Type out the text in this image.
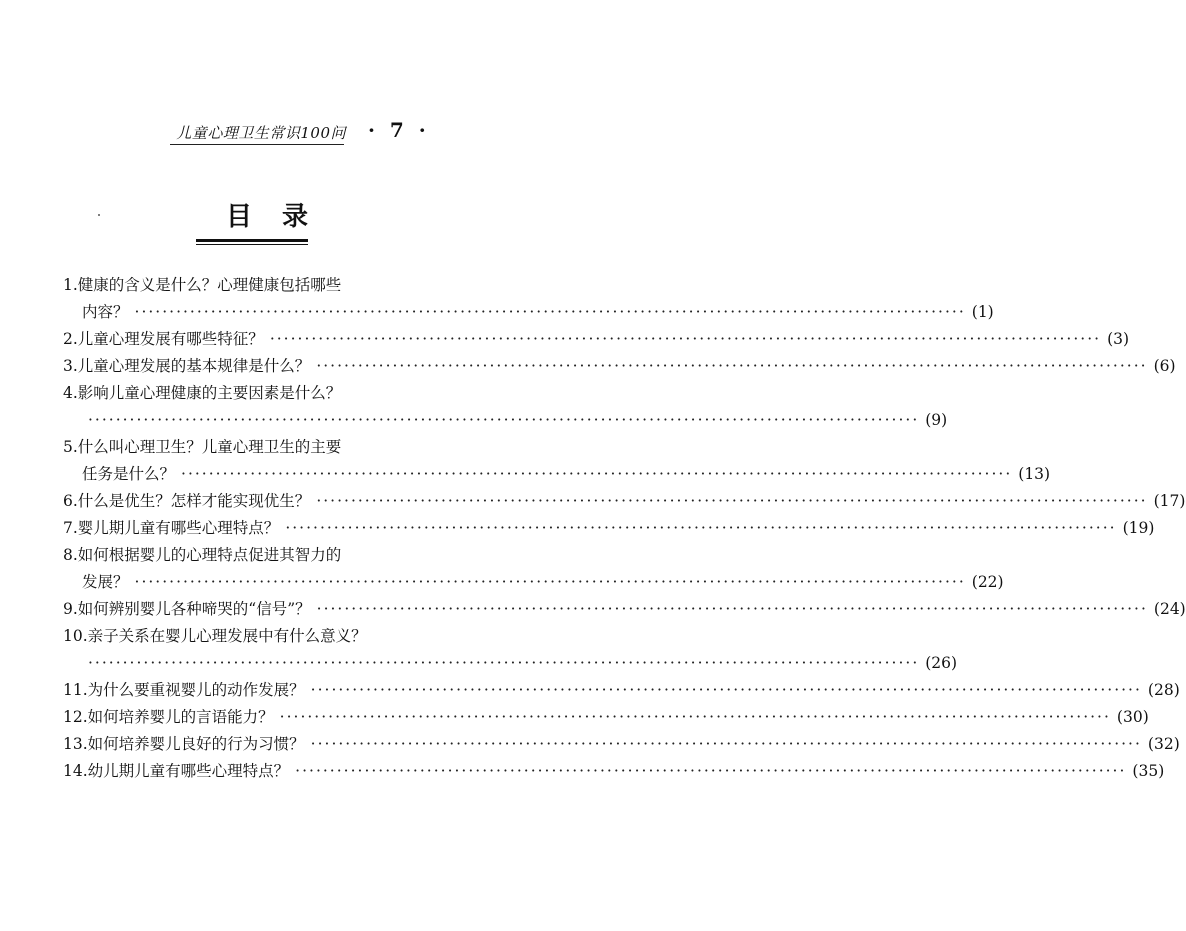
儿童心理卫生常识100问 · 7 ·
目录
1. 健康的含义是什么？心理健康包括哪些
内容？ ························································································································ (1)
2. 儿童心理发展有哪些特征？ ························································································································ (3)
3. 儿童心理发展的基本规律是什么？ ························································································································ (6)
4. 影响儿童心理健康的主要因素是什么？
························································································································ (9)
5. 什么叫心理卫生？儿童心理卫生的主要
任务是什么？ ························································································································ (13)
6. 什么是优生？怎样才能实现优生？ ························································································································ (17)
7. 婴儿期儿童有哪些心理特点？ ························································································································ (19)
8. 如何根据婴儿的心理特点促进其智力的
发展？ ························································································································ (22)
9. 如何辨别婴儿各种啼哭的“信号”？ ························································································································ (24)
10. 亲子关系在婴儿心理发展中有什么意义？
························································································································ (26)
11. 为什么要重视婴儿的动作发展？ ························································································································ (28)
12. 如何培养婴儿的言语能力？ ························································································································ (30)
13. 如何培养婴儿良好的行为习惯？ ························································································································ (32)
14. 幼儿期儿童有哪些心理特点？ ························································································································ (35)
